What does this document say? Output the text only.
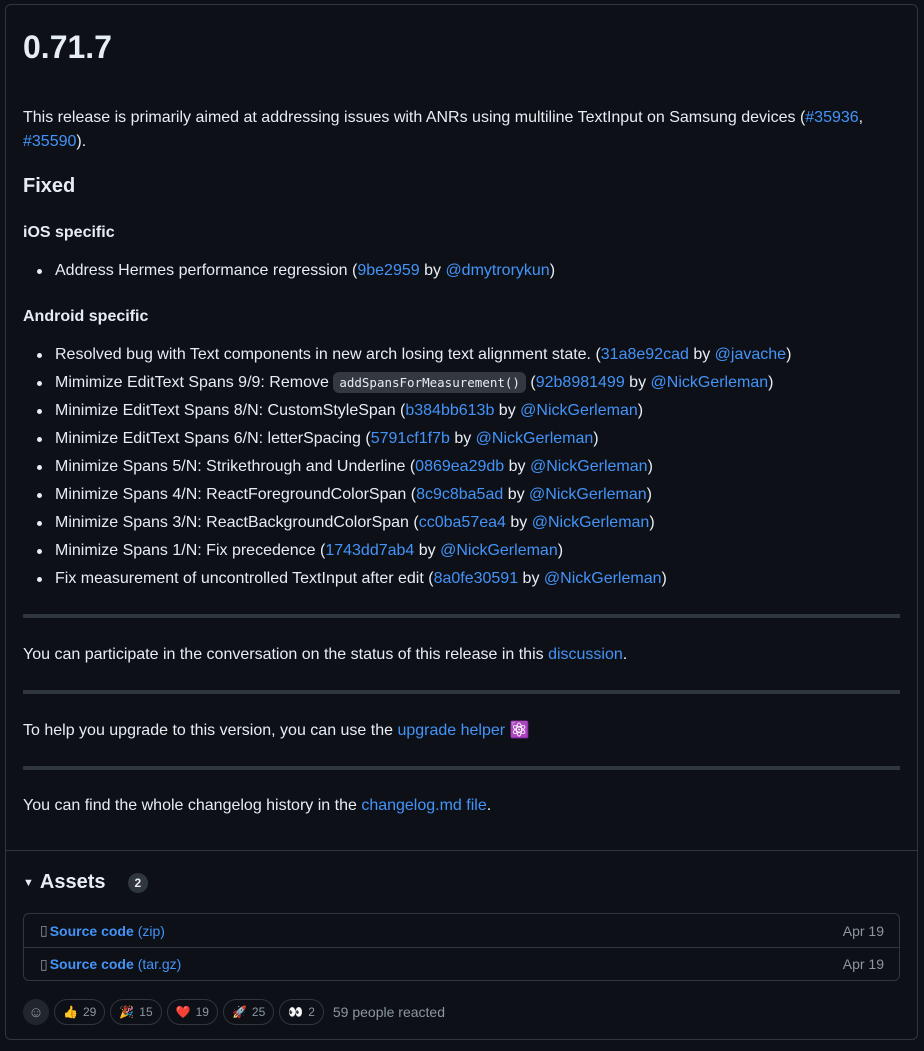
0.71.7

This release is primarily aimed at addressing issues with ANRs using multiline TextInput on Samsung devices (#35936,
#35590).

Fixed
iOS specific
Address Hermes performance regression (9be2959 by @dmytrorykun)
Android specific
Resolved bug with Text components in new arch losing text alignment state. (31a8e92cad by @javache)
Mimimize EditText Spans 9/9: Remove addSpansForMeasurement() (92b8981499 by @NickGerleman)
Minimize EditText Spans 8/N: CustomStyleSpan (b384bb613b by @NickGerleman)
Minimize EditText Spans 6/N: letterSpacing (5791cf1f7b by @NickGerleman)
Minimize Spans 5/N: Strikethrough and Underline (0869ea29db by @NickGerleman)
Minimize Spans 4/N: ReactForegroundColorSpan (8c9c8ba5ad by @NickGerleman)
Minimize Spans 3/N: ReactBackgroundColorSpan (cc0ba57ea4 by @NickGerleman)
Minimize Spans 1/N: Fix precedence (1743dd7ab4 by @NickGerleman)
Fix measurement of uncontrolled TextInput after edit (8a0fe30591 by @NickGerleman)

You can participate in the conversation on the status of this release in this discussion.

To help you upgrade to this version, you can use the upgrade helper ⚛️

You can find the whole changelog history in the changelog.md file.

▼ Assets	2
▯ Source code (zip)	Apr 19
▯ Source code (tar.gz)	Apr 19
☺	👍 29 🎉 15 ❤️ 19 🚀 25 👀 2 59 people reacted
